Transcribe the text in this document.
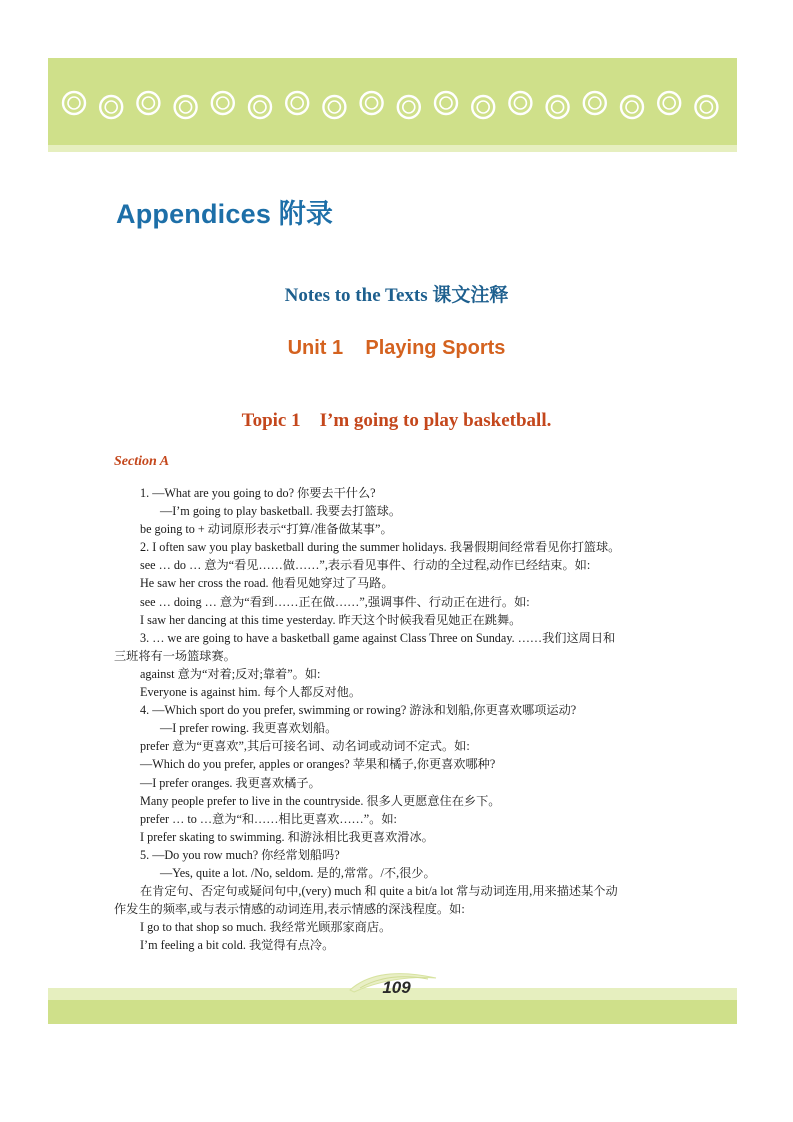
Appendices 附录
Notes to the Texts 课文注释
Unit 1    Playing Sports
Topic 1    I’m going to play basketball.

Section A

1. —What are you going to do? 你要去干什么?
—I’m going to play basketball. 我要去打篮球。
be going to + 动词原形表示“打算/准备做某事”。
2. I often saw you play basketball during the summer holidays. 我暑假期间经常看见你打篮球。
see … do … 意为“看见……做……”,表示看见事件、行动的全过程,动作已经结束。如:
He saw her cross the road. 他看见她穿过了马路。
see … doing … 意为“看到……正在做……”,强调事件、行动正在进行。如:
I saw her dancing at this time yesterday. 昨天这个时候我看见她正在跳舞。
3. … we are going to have a basketball game against Class Three on Sunday. ……我们这周日和
三班将有一场篮球赛。
against 意为“对着;反对;靠着”。如:
Everyone is against him. 每个人都反对他。
4. —Which sport do you prefer, swimming or rowing? 游泳和划船,你更喜欢哪项运动?
—I prefer rowing. 我更喜欢划船。
prefer 意为“更喜欢”,其后可接名词、动名词或动词不定式。如:
—Which do you prefer, apples or oranges? 苹果和橘子,你更喜欢哪种?
—I prefer oranges. 我更喜欢橘子。
Many people prefer to live in the countryside. 很多人更愿意住在乡下。
prefer … to …意为“和……相比更喜欢……”。如:
I prefer skating to swimming. 和游泳相比我更喜欢滑冰。
5. —Do you row much? 你经常划船吗?
—Yes, quite a lot. /No, seldom. 是的,常常。/不,很少。
在肯定句、否定句或疑问句中,(very) much 和 quite a bit/a lot 常与动词连用,用来描述某个动
作发生的频率,或与表示情感的动词连用,表示情感的深浅程度。如:
I go to that shop so much. 我经常光顾那家商店。
I’m feeling a bit cold. 我觉得有点冷。

109
